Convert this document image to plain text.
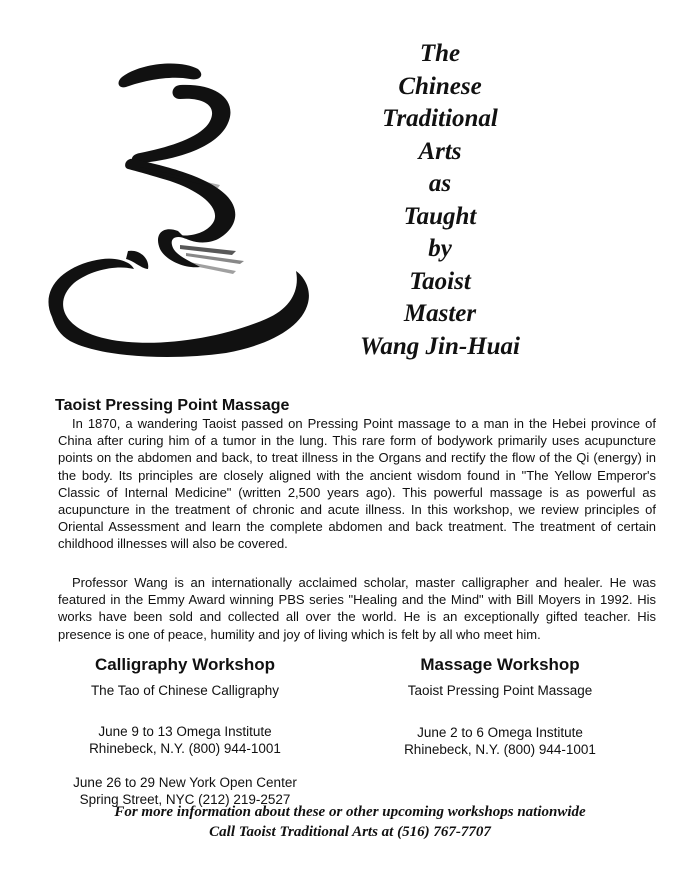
The
Chinese
Traditional
Arts
as
Taught
by
Taoist
Master
Wang Jin-Huai
Taoist Pressing Point Massage

In 1870, a wandering Taoist passed on Pressing Point massage to a man in the Hebei province of China after curing him of a tumor in the lung. This rare form of bodywork primarily uses acupuncture points on the abdomen and back, to treat illness in the Organs and rectify the flow of the Qi (energy) in the body. Its principles are closely aligned with the ancient wisdom found in "The Yellow Emperor's Classic of Internal Medicine" (written 2,500 years ago). This powerful massage is as powerful as acupuncture in the treatment of chronic and acute illness. In this workshop, we review principles of Oriental Assessment and learn the complete abdomen and back treatment. The treatment of certain childhood illnesses will also be covered.

Professor Wang is an internationally acclaimed scholar, master calligrapher and healer. He was featured in the Emmy Award winning PBS series "Healing and the Mind" with Bill Moyers in 1992. His works have been sold and collected all over the world. He is an exceptionally gifted teacher. His presence is one of peace, humility and joy of living which is felt by all who meet him.

Calligraphy Workshop

The Tao of Chinese Calligraphy

June 9 to 13 Omega Institute

Rhinebeck, N.Y. (800) 944-1001

June 26 to 29 New York Open Center

Spring Street, NYC (212) 219-2527

Massage Workshop

Taoist Pressing Point Massage

June 2 to 6 Omega Institute

Rhinebeck, N.Y. (800) 944-1001

For more information about these or other upcoming workshops nationwide
Call Taoist Traditional Arts at (516) 767-7707
